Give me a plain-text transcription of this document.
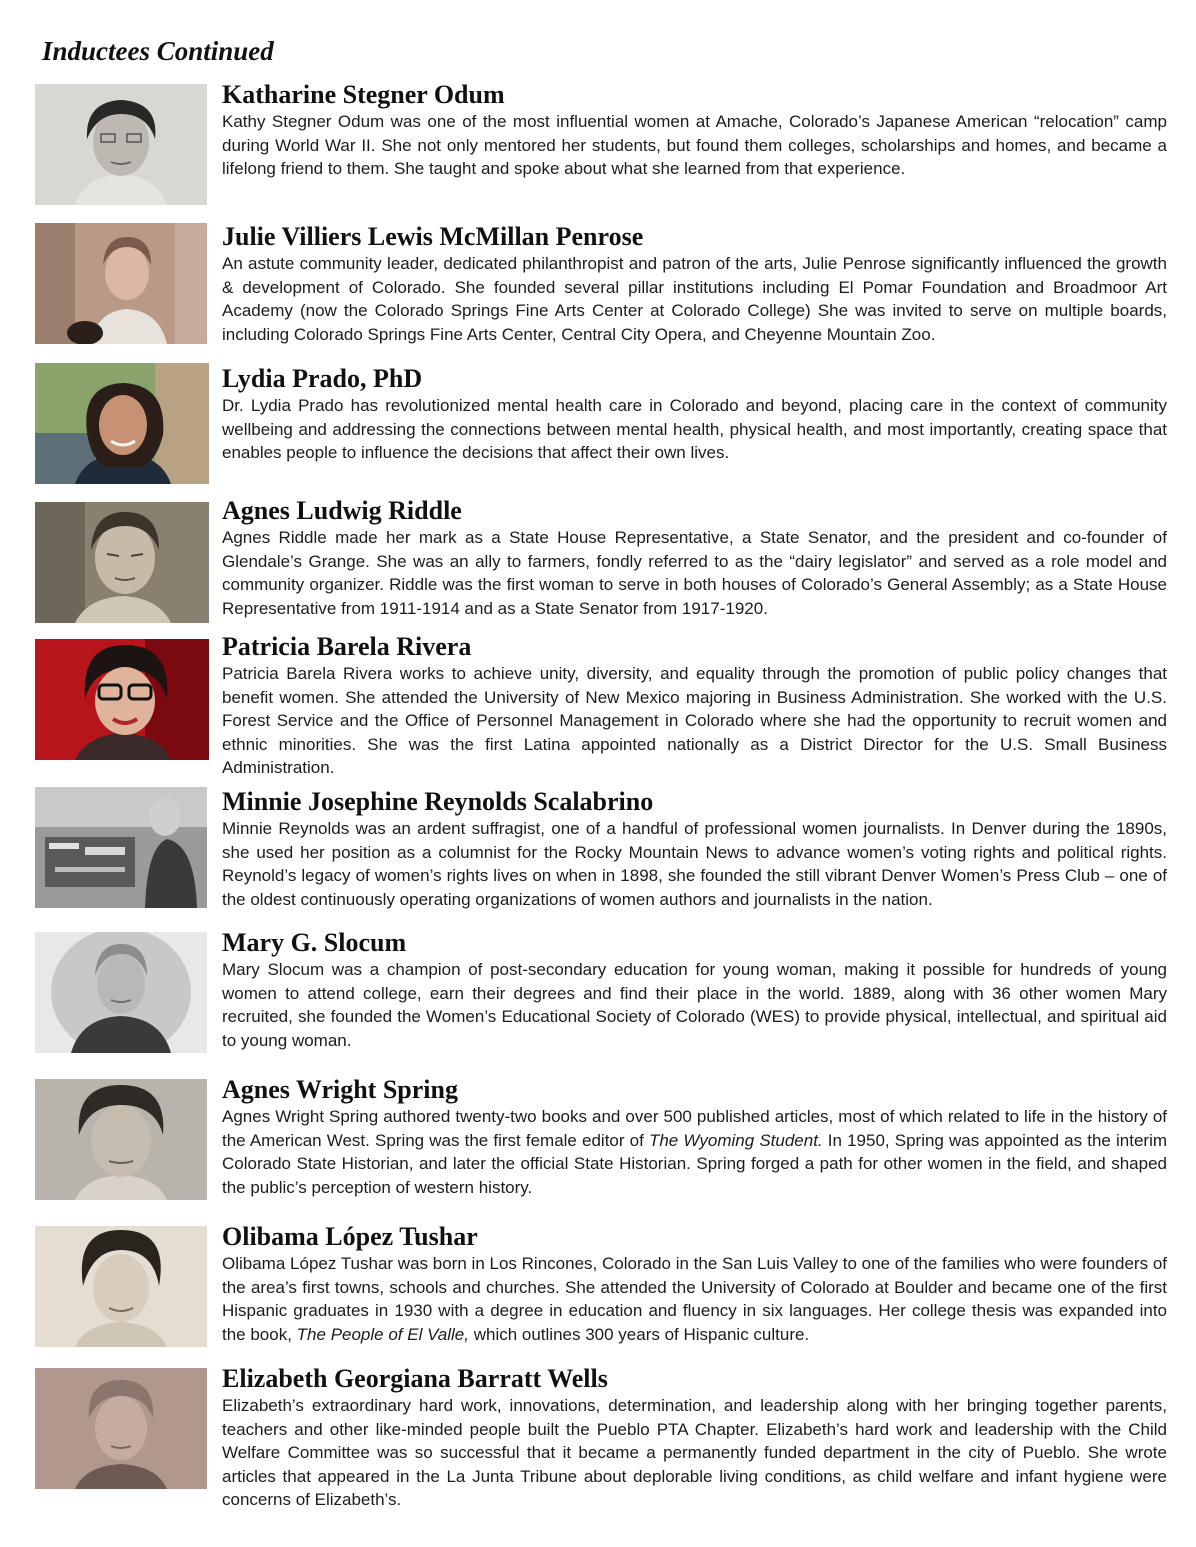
Inductees Continued
Katharine Stegner Odum

Kathy Stegner Odum was one of the most influential women at Amache, Colorado’s Japanese American “relocation” camp during World War II. She not only mentored her students, but found them colleges, scholarships and homes, and became a lifelong friend to them. She taught and spoke about what she learned from that experience.

Julie Villiers Lewis McMillan Penrose

An astute community leader, dedicated philanthropist and patron of the arts, Julie Penrose significantly influenced the growth & development of Colorado. She founded several pillar institutions including El Pomar Foundation and Broadmoor Art Academy (now the Colorado Springs Fine Arts Center at Colorado College) She was invited to serve on multiple boards, including Colorado Springs Fine Arts Center, Central City Opera, and Cheyenne Mountain Zoo.

Lydia Prado, PhD

Dr. Lydia Prado has revolutionized mental health care in Colorado and beyond, placing care in the context of community wellbeing and addressing the connections between mental health, physical health, and most importantly, creating space that enables people to influence the decisions that affect their own lives.

Agnes Ludwig Riddle

Agnes Riddle made her mark as a State House Representative, a State Senator, and the president and co-founder of Glendale’s Grange. She was an ally to farmers, fondly referred to as the “dairy legislator” and served as a role model and community organizer. Riddle was the first woman to serve in both houses of Colorado’s General Assembly; as a State House Representative from 1911-1914 and as a State Senator from 1917-1920.

Patricia Barela Rivera

Patricia Barela Rivera works to achieve unity, diversity, and equality through the promotion of public policy changes that benefit women. She attended the University of New Mexico majoring in Business Administration. She worked with the U.S. Forest Service and the Office of Personnel Management in Colorado where she had the opportunity to recruit women and ethnic minorities. She was the first Latina appointed nationally as a District Director for the U.S. Small Business Administration.

Minnie Josephine Reynolds Scalabrino

Minnie Reynolds was an ardent suffragist, one of a handful of professional women journalists. In Denver during the 1890s, she used her position as a columnist for the Rocky Mountain News to advance women’s voting rights and political rights. Reynold’s legacy of women’s rights lives on when in 1898, she founded the still vibrant Denver Women’s Press Club – one of the oldest continuously operating organizations of women authors and journalists in the nation.

Mary G. Slocum

Mary Slocum was a champion of post-secondary education for young woman, making it possible for hundreds of young women to attend college, earn their degrees and find their place in the world. 1889, along with 36 other women Mary recruited, she founded the Women’s Educational Society of Colorado (WES) to provide physical, intellectual, and spiritual aid to young woman.

Agnes Wright Spring

Agnes Wright Spring authored twenty-two books and over 500 published articles, most of which related to life in the history of the American West. Spring was the first female editor of The Wyoming Student. In 1950, Spring was appointed as the interim Colorado State Historian, and later the official State Historian. Spring forged a path for other women in the field, and shaped the public’s perception of western history.

Olibama López Tushar

Olibama López Tushar was born in Los Rincones, Colorado in the San Luis Valley to one of the families who were founders of the area’s first towns, schools and churches. She attended the University of Colorado at Boulder and became one of the first Hispanic graduates in 1930 with a degree in education and fluency in six languages. Her college thesis was expanded into the book, The People of El Valle, which outlines 300 years of Hispanic culture.

Elizabeth Georgiana Barratt Wells

Elizabeth’s extraordinary hard work, innovations, determination, and leadership along with her bringing together parents, teachers and other like-minded people built the Pueblo PTA Chapter. Elizabeth’s hard work and leadership with the Child Welfare Committee was so successful that it became a permanently funded department in the city of Pueblo. She wrote articles that appeared in the La Junta Tribune about deplorable living conditions, as child welfare and infant hygiene were concerns of Elizabeth’s.
